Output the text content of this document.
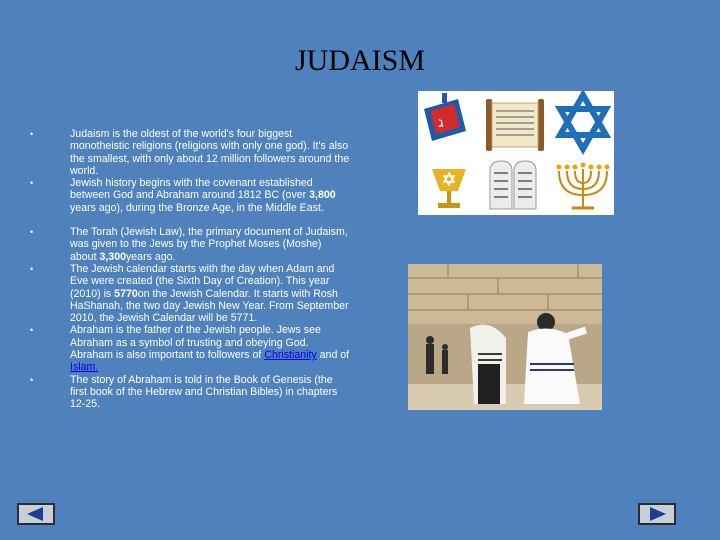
JUDAISM
•	Judaism is the oldest of the world's four biggest monotheistic religions (religions with only one god). It's also the smallest, with only about 12 million followers around the world.
•	Jewish history begins with the covenant established between God and Abraham around 1812 BC (over 3,800 years ago), during the Bronze Age, in the Middle East.
•	The Torah (Jewish Law), the primary document of Judaism, was given to the Jews by the Prophet Moses (Moshe) about 3,300years ago.
•	The Jewish calendar starts with the day when Adam and Eve were created (the Sixth Day of Creation). This year (2010) is 5770on the Jewish Calendar. It starts with Rosh HaShanah, the two day Jewish New Year. From September 2010, the Jewish Calendar will be 5771.
•	Abraham is the father of the Jewish people. Jews see Abraham as a symbol of trusting and obeying God. Abraham is also important to followers of Christianity and of Islam.
•	The story of Abraham is told in the Book of Genesis (the first book of the Hebrew and Christian Bibles) in chapters 12-25.
ג
